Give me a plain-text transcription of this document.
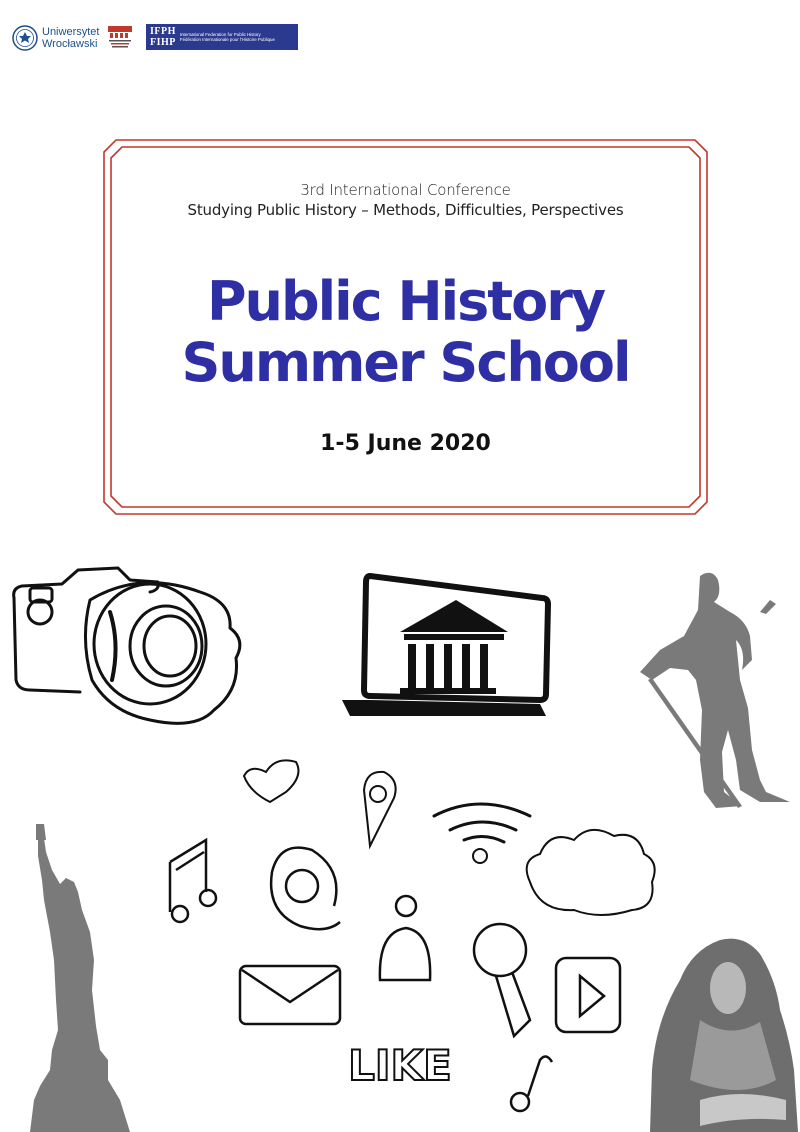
Uniwersytet
Wrocławski
IFPH
FIHP
International Federation for Public History
Fédération Internationale pour l'Histoire Publique
3rd International Conference
Studying Public History – Methods, Difficulties, Perspectives
Public History
Summer School
1-5 June 2020
LIKE
